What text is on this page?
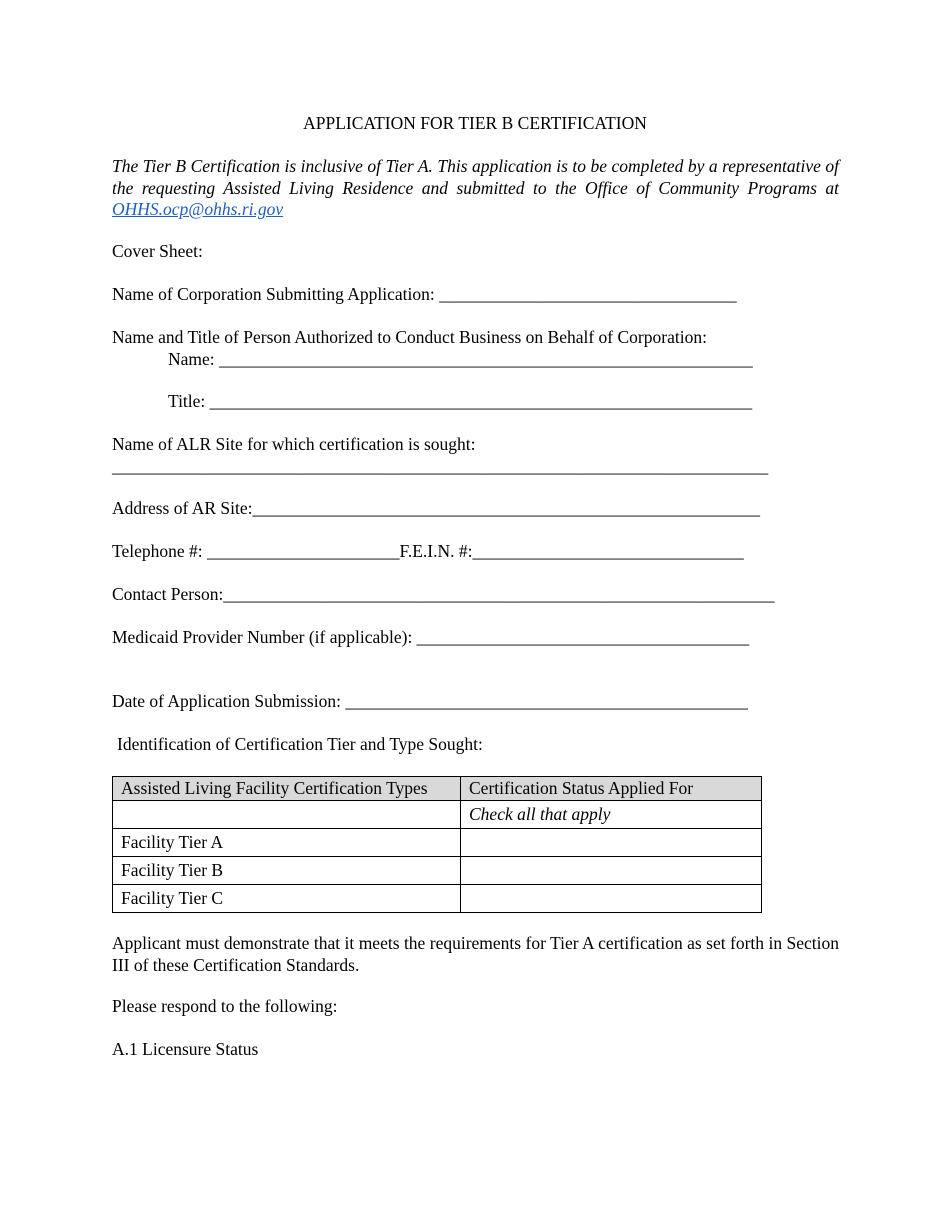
APPLICATION FOR TIER B CERTIFICATION
The Tier B Certification is inclusive of Tier A. This application is to be completed by a representative of the requesting Assisted Living Residence and submitted to the Office of Community Programs at OHHS.ocp@ohhs.ri.gov
Cover Sheet:
Name of Corporation Submitting Application: __________________________________
Name and Title of Person Authorized to Conduct Business on Behalf of Corporation:
Name: _____________________________________________________________
Title: ______________________________________________________________
Name of ALR Site for which certification is sought:
___________________________________________________________________________
Address of AR Site:__________________________________________________________
Telephone #: ______________________F.E.I.N. #:_______________________________
Contact Person:_______________________________________________________________
Medicaid Provider Number (if applicable): ______________________________________
Date of Application Submission: ______________________________________________
Identification of Certification Tier and Type Sought:
Assisted Living Facility Certification Types	Certification Status Applied For
	Check all that apply
Facility Tier A	
Facility Tier B	
Facility Tier C	
Applicant must demonstrate that it meets the requirements for Tier A certification as set forth in Section III of these Certification Standards.
Please respond to the following:
A.1 Licensure Status
